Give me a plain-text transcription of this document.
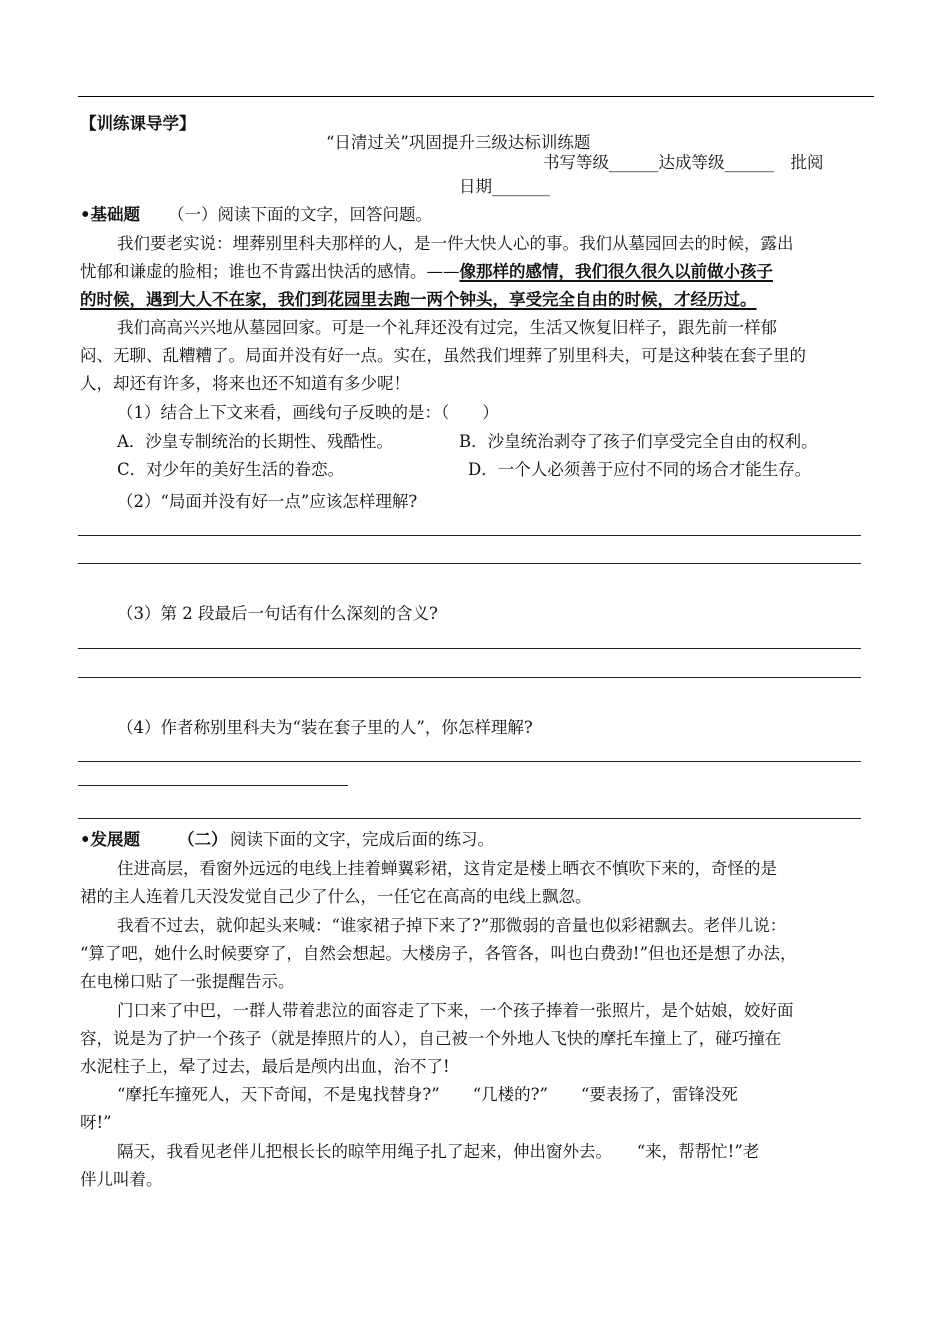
【训练课导学】
“日清过关”巩固提升三级达标训练题
书写等级______达成等级______　批阅
日期_______
•基础题 （一）阅读下面的文字，回答问题。
我们要老实说：埋葬别里科夫那样的人，是一件大快人心的事。我们从墓园回去的时候，露出
忧郁和谦虚的脸相；谁也不肯露出快活的感情。——像那样的感情，我们很久很久以前做小孩子
的时候，遇到大人不在家，我们到花园里去跑一两个钟头，享受完全自由的时候，才经历过。
我们高高兴兴地从墓园回家。可是一个礼拜还没有过完，生活又恢复旧样子，跟先前一样郁
闷、无聊、乱糟糟了。局面并没有好一点。实在，虽然我们埋葬了别里科夫，可是这种装在套子里的
人，却还有许多，将来也还不知道有多少呢！
（1）结合上下文来看，画线句子反映的是：（　　）
A．沙皇专制统治的长期性、残酷性。	B．沙皇统治剥夺了孩子们享受完全自由的权利。
C．对少年的美好生活的眷恋。	D．一个人必须善于应付不同的场合才能生存。
（2）“局面并没有好一点”应该怎样理解?
（3）第 2 段最后一句话有什么深刻的含义?
（4）作者称别里科夫为“装在套子里的人”，你怎样理解?
•发展题 （二） 阅读下面的文字，完成后面的练习。
住进高层，看窗外远远的电线上挂着蝉翼彩裙，这肯定是楼上晒衣不慎吹下来的，奇怪的是
裙的主人连着几天没发觉自己少了什么，一任它在高高的电线上飘忽。
我看不过去，就仰起头来喊：“谁家裙子掉下来了?”那微弱的音量也似彩裙飘去。老伴儿说：
“算了吧，她什么时候要穿了，自然会想起。大楼房子，各管各，叫也白费劲!”但也还是想了办法，
在电梯口贴了一张提醒告示。
门口来了中巴，一群人带着悲泣的面容走了下来，一个孩子捧着一张照片，是个姑娘，姣好面
容，说是为了护一个孩子（就是捧照片的人），自己被一个外地人飞快的摩托车撞上了，碰巧撞在
水泥柱子上，晕了过去，最后是颅内出血，治不了!
“摩托车撞死人，天下奇闻，不是鬼找替身?”　　“几楼的?”　　“要表扬了，雷锋没死
呀!”
隔天，我看见老伴儿把根长长的晾竿用绳子扎了起来，伸出窗外去。　　“来，帮帮忙!”老
伴儿叫着。
